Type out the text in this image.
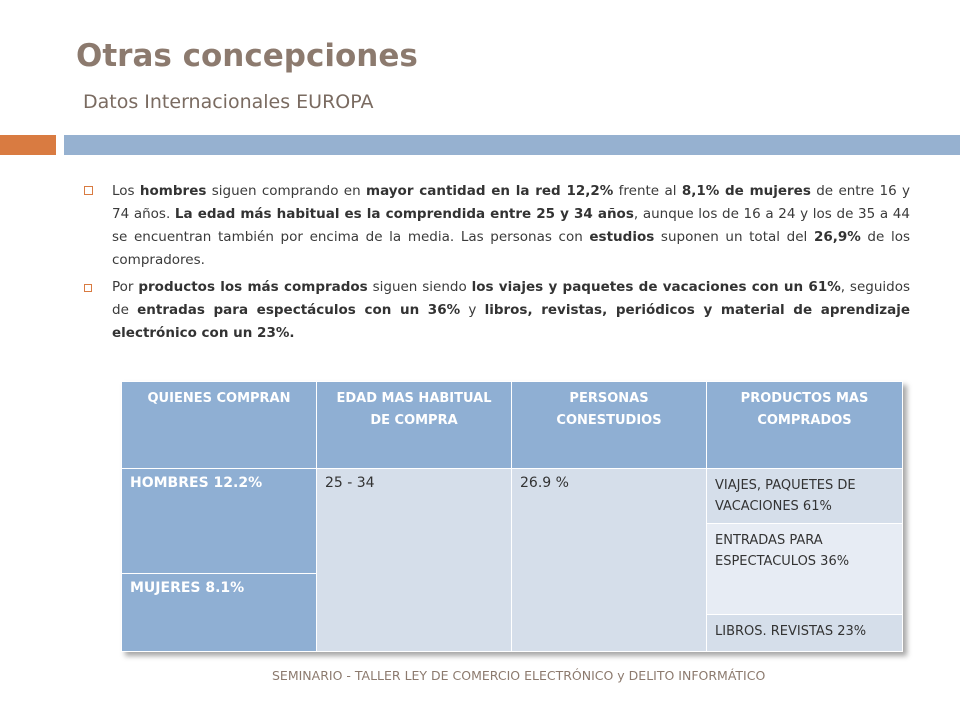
Otras concepciones
Datos Internacionales EUROPA
Los hombres siguen comprando en mayor cantidad en la red 12,2% frente al 8,1% de mujeres de entre 16 y 74 años. La edad más habitual es la comprendida entre 25 y 34 años, aunque los de 16 a 24 y los de 35 a 44 se encuentran también por encima de la media. Las personas con estudios suponen un total del 26,9% de los compradores.
Por productos los más comprados siguen siendo los viajes y paquetes de vacaciones con un 61%, seguidos de entradas para espectáculos con un 36% y libros, revistas, periódicos y material de aprendizaje electrónico con un 23%.
QUIENES COMPRAN	EDAD MAS HABITUAL DE COMPRA	PERSONAS CONESTUDIOS	PRODUCTOS MAS COMPRADOS
HOMBRES 12.2%	25 - 34	26.9 %	VIAJES, PAQUETES DE VACACIONES 61%
			ENTRADAS PARA ESPECTACULOS 36%
MUJERES 8.1%			
			LIBROS. REVISTAS 23%
SEMINARIO - TALLER LEY DE COMERCIO ELECTRÓNICO y DELITO INFORMÁTICO
